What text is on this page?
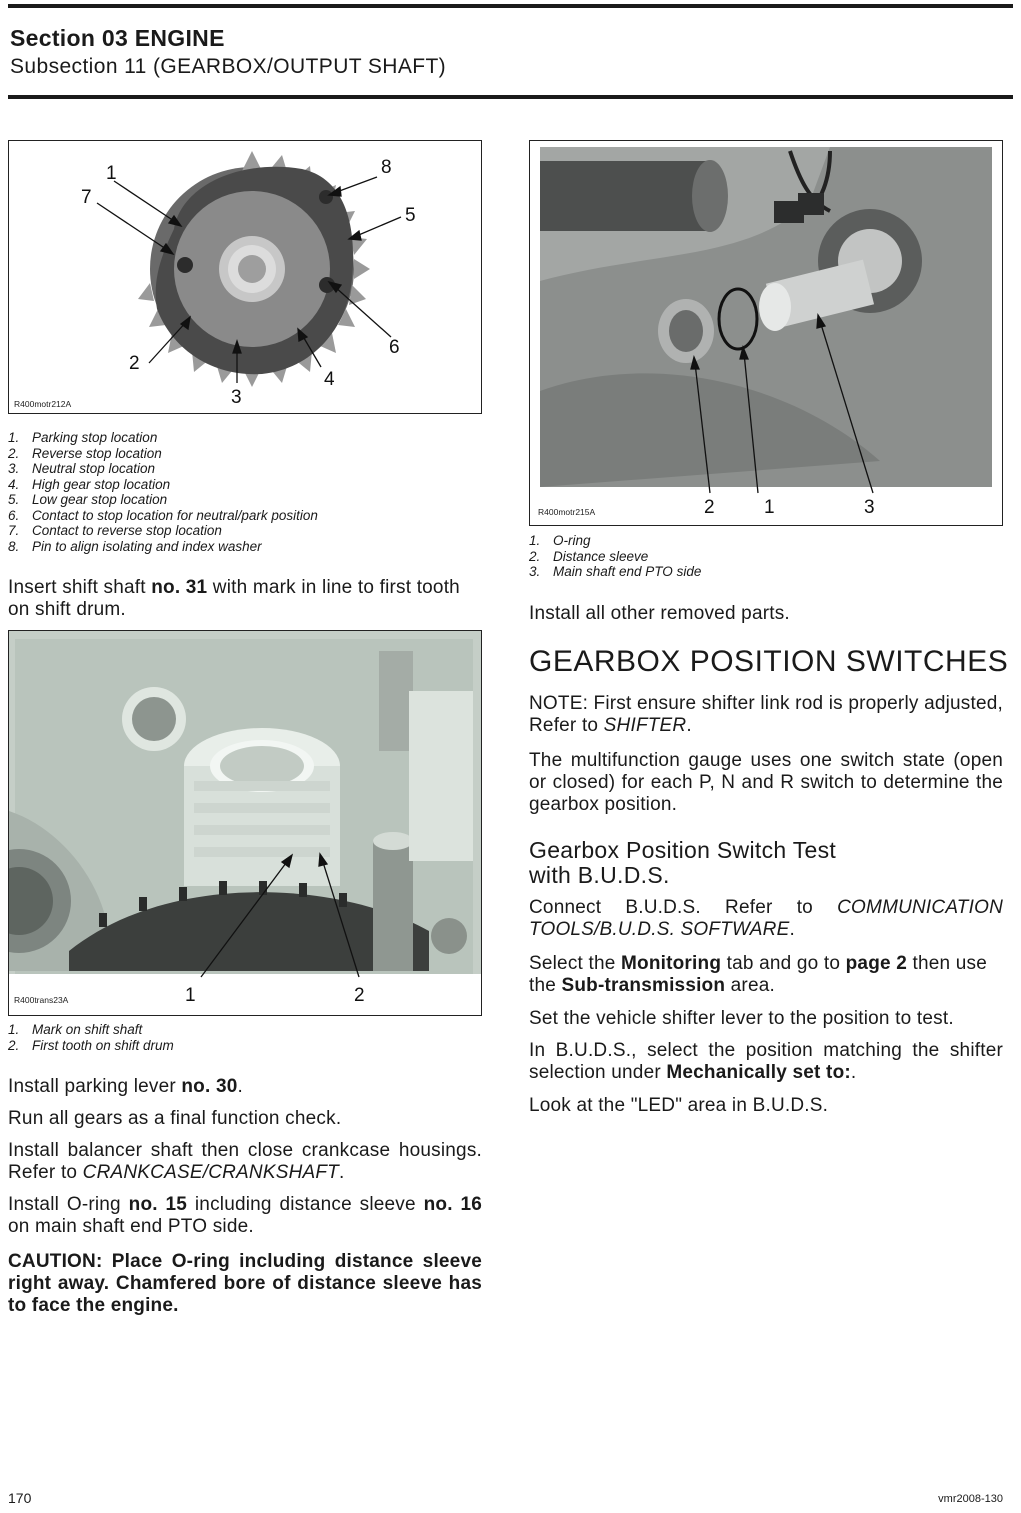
Section 03 ENGINE
Subsection 11 (GEARBOX/OUTPUT SHAFT)
1
7
8
5
6
2
3
4
R400motr212A
1. Parking stop location
2. Reverse stop location
3. Neutral stop location
4. High gear stop location
5. Low gear stop location
6. Contact to stop location for neutral/park position
7. Contact to reverse stop location
8. Pin to align isolating and index washer
Insert shift shaft no. 31 with mark in line to first tooth on shift drum.
1	2
R400trans23A
1. Mark on shift shaft
2. First tooth on shift drum
Install parking lever no. 30.
Run all gears as a final function check.
Install balancer shaft then close crankcase housings. Refer to CRANKCASE/CRANKSHAFT.
Install O-ring no. 15 including distance sleeve no. 16 on main shaft end PTO side.
CAUTION: Place O-ring including distance sleeve right away. Chamfered bore of distance sleeve has to face the engine.
2	1	3
R400motr215A
1. O-ring
2. Distance sleeve
3. Main shaft end PTO side
Install all other removed parts.
GEARBOX POSITION SWITCHES
NOTE: First ensure shifter link rod is properly adjusted, Refer to SHIFTER.
The multifunction gauge uses one switch state (open or closed) for each P, N and R switch to determine the gearbox position.
Gearbox Position Switch Test
with B.U.D.S.
Connect B.U.D.S. Refer to COMMUNICATION TOOLS/B.U.D.S. SOFTWARE.
Select the Monitoring tab and go to page 2 then use the Sub-transmission area.
Set the vehicle shifter lever to the position to test.
In B.U.D.S., select the position matching the shifter selection under Mechanically set to:.
Look at the "LED" area in B.U.D.S.
170	vmr2008-130
